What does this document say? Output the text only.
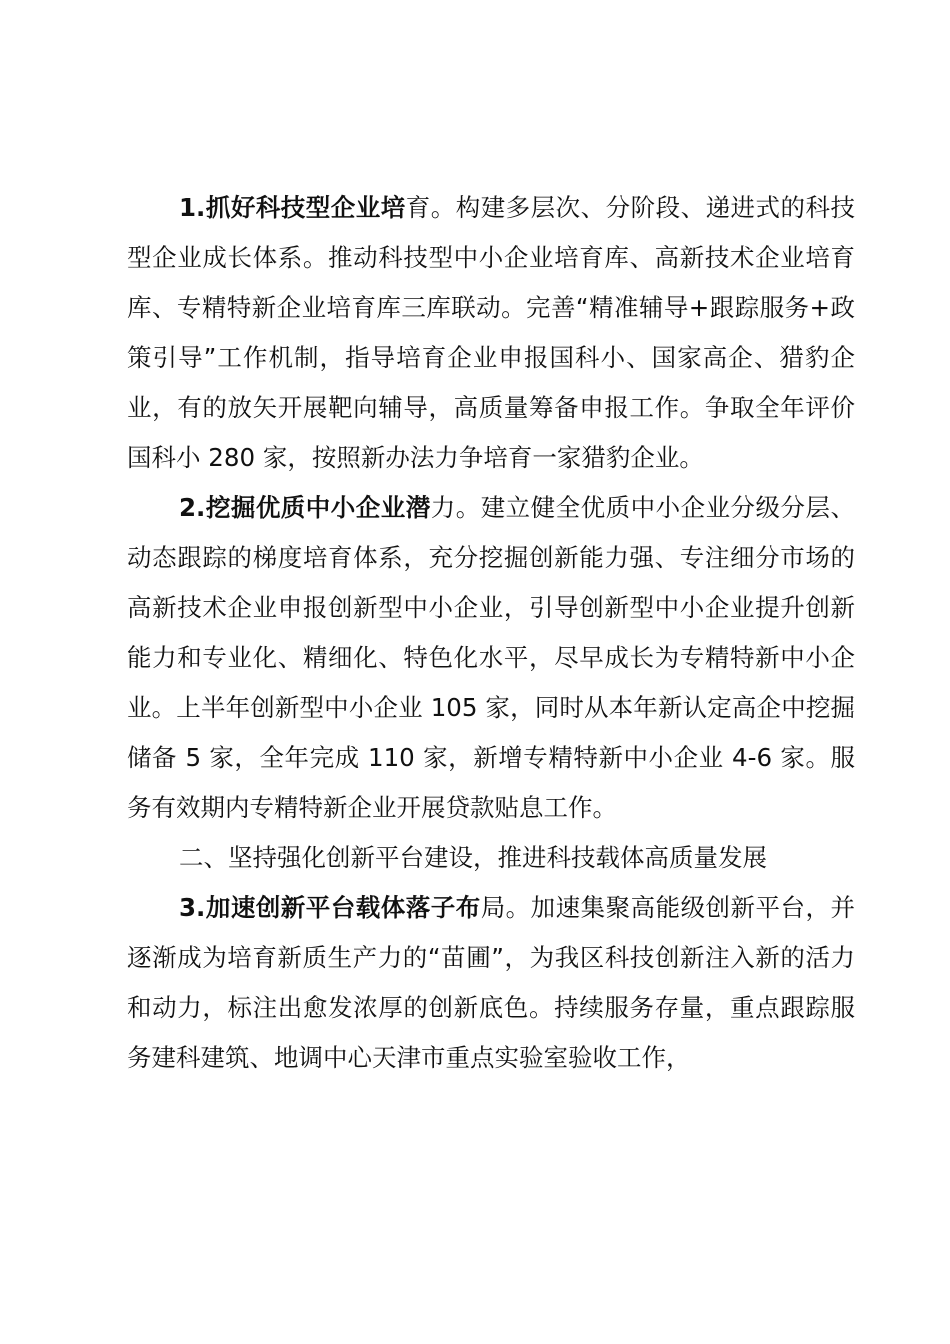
1.抓好科技型企业培育。构建多层次、分阶段、递进式的科技型企业成长体系。推动科技型中小企业培育库、高新技术企业培育库、专精特新企业培育库三库联动。完善“精准辅导+跟踪服务+政策引导”工作机制，指导培育企业申报国科小、国家高企、猎豹企业，有的放矢开展靶向辅导，高质量筹备申报工作。争取全年评价国科小 280 家，按照新办法力争培育一家猎豹企业。

2.挖掘优质中小企业潜力。建立健全优质中小企业分级分层、动态跟踪的梯度培育体系，充分挖掘创新能力强、专注细分市场的高新技术企业申报创新型中小企业，引导创新型中小企业提升创新能力和专业化、精细化、特色化水平，尽早成长为专精特新中小企业。上半年创新型中小企业 105 家，同时从本年新认定高企中挖掘储备 5 家，全年完成 110 家，新增专精特新中小企业 4-6 家。服务有效期内专精特新企业开展贷款贴息工作。

二、坚持强化创新平台建设，推进科技载体高质量发展

3.加速创新平台载体落子布局。加速集聚高能级创新平台，并逐渐成为培育新质生产力的“苗圃”，为我区科技创新注入新的活力和动力，标注出愈发浓厚的创新底色。持续服务存量，重点跟踪服务建科建筑、地调中心天津市重点实验室验收工作，
